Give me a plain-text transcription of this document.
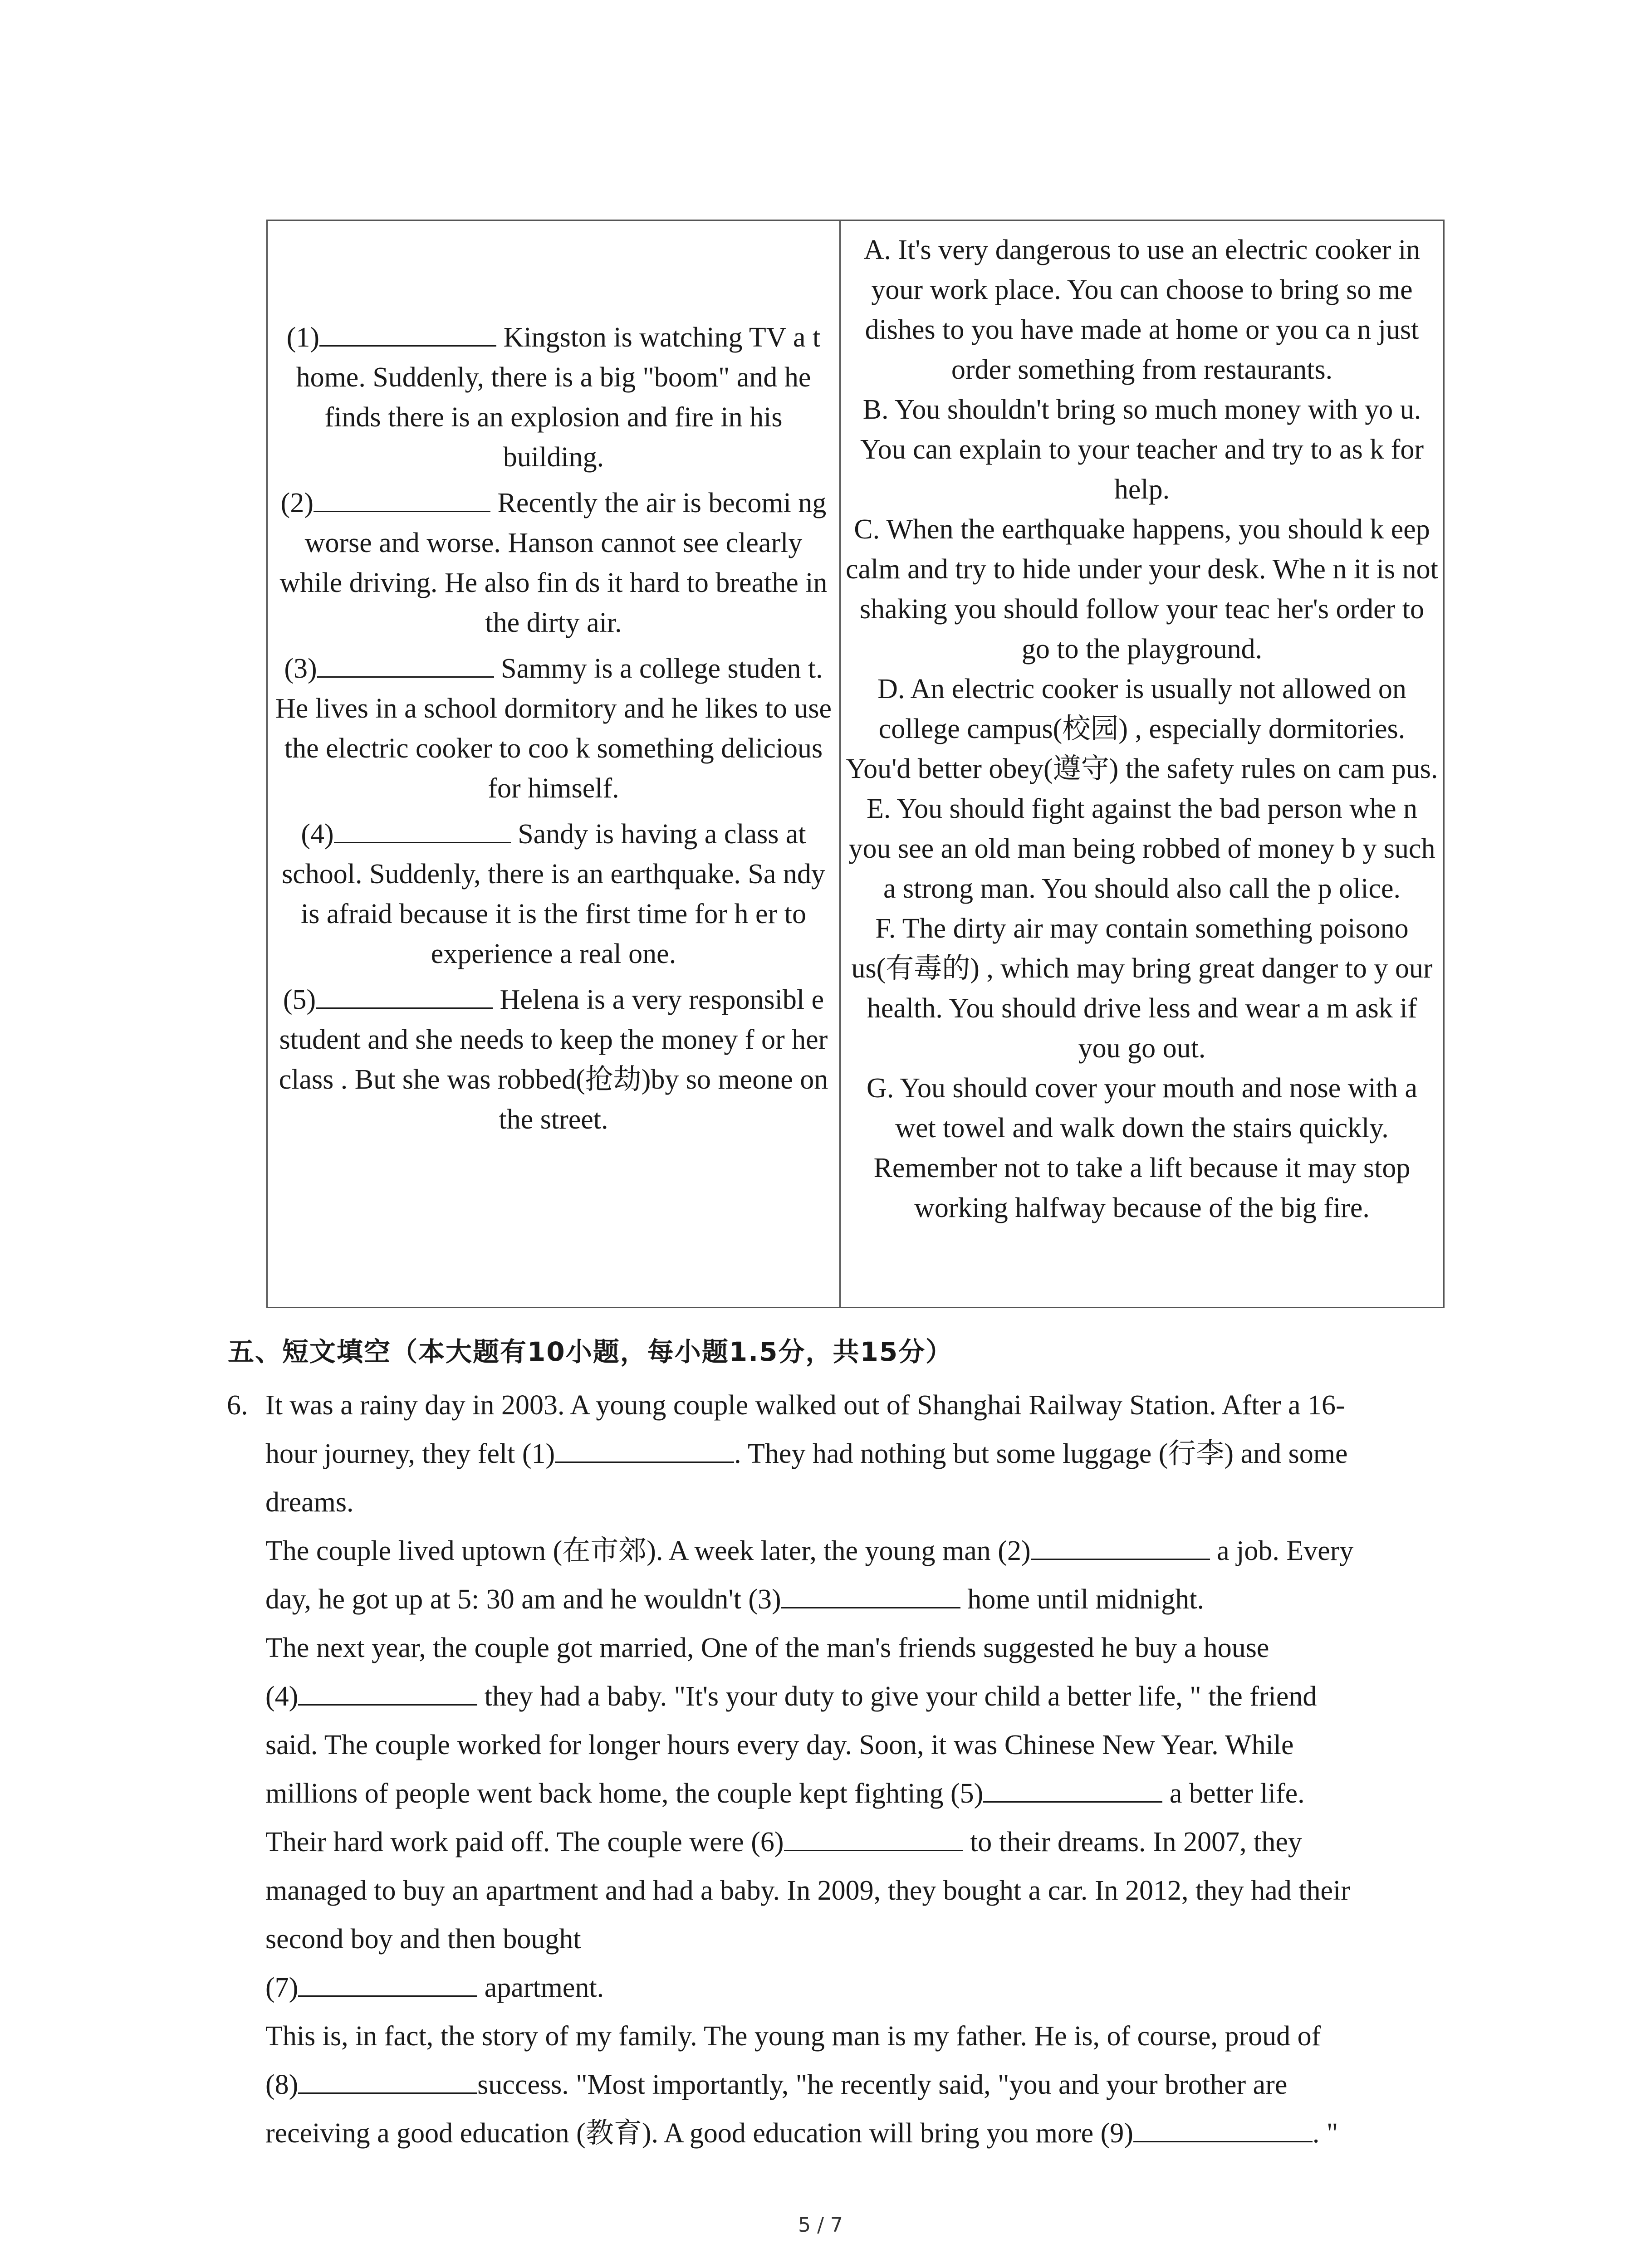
(1)	Kingston is watching TV a t home. Suddenly, there is a big "boom" and he finds there is an explosion and fire in his building.
(2)	Recently the air is becomi ng worse and worse. Hanson cannot see clearly while driving. He also fin ds it hard to breathe in the dirty air.
(3)	Sammy is a college studen t. He lives in a school dormitory and he likes to use the electric cooker to coo k something delicious for himself.
(4)	Sandy is having a class at school. Suddenly, there is an earthquake. Sa ndy is afraid because it is the first time for h er to experience a real one.
(5)	Helena is a very responsibl e student and she needs to keep the money f or her class . But she was robbed(抢劫)by so meone on the street.
A. It's very dangerous to use an electric cooker in your work place. You can choose to bring so me dishes to you have made at home or you ca n just order something from restaurants.
B. You shouldn't bring so much money with yo u. You can explain to your teacher and try to as k for help.
C. When the earthquake happens, you should k eep calm and try to hide under your desk. Whe n it is not shaking you should follow your teac her's order to go to the playground.
D. An electric cooker is usually not allowed on college campus(校园) , especially dormitories. You'd better obey(遵守) the safety rules on cam pus.
E. You should fight against the bad person whe n you see an old man being robbed of money b y such a strong man. You should also call the p olice.
F. The dirty air may contain something poisono us(有毒的) , which may bring great danger to y our health. You should drive less and wear a m ask if you go out.
G. You should cover your mouth and nose with a wet towel and walk down the stairs quickly. Remember not to take a lift because it may stop working halfway because of the big fire.
五、短文填空（本大题有10小题，每小题1.5分，共15分）
6. It was a rainy day in 2003. A young couple walked out of Shanghai Railway Station. After a 16-
hour journey, they felt (1)	. They had nothing but some luggage (行李) and some
dreams.
The couple lived uptown (在市郊). A week later, the young man (2)	a job. Every
day, he got up at 5: 30 am and he wouldn't (3)	home until midnight.
The next year, the couple got married, One of the man's friends suggested he buy a house
(4)	they had a baby. "It's your duty to give your child a better life, " the friend
said. The couple worked for longer hours every day. Soon, it was Chinese New Year. While
millions of people went back home, the couple kept fighting (5)	a better life.
Their hard work paid off. The couple were (6)	to their dreams. In 2007, they
managed to buy an apartment and had a baby. In 2009, they bought a car. In 2012, they had their
second boy and then bought
(7)	apartment.
This is, in fact, the story of my family. The young man is my father. He is, of course, proud of
(8)	success. "Most importantly, "he recently said, "you and your brother are
receiving a good education (教育). A good education will bring you more (9)	. "
5 / 7
